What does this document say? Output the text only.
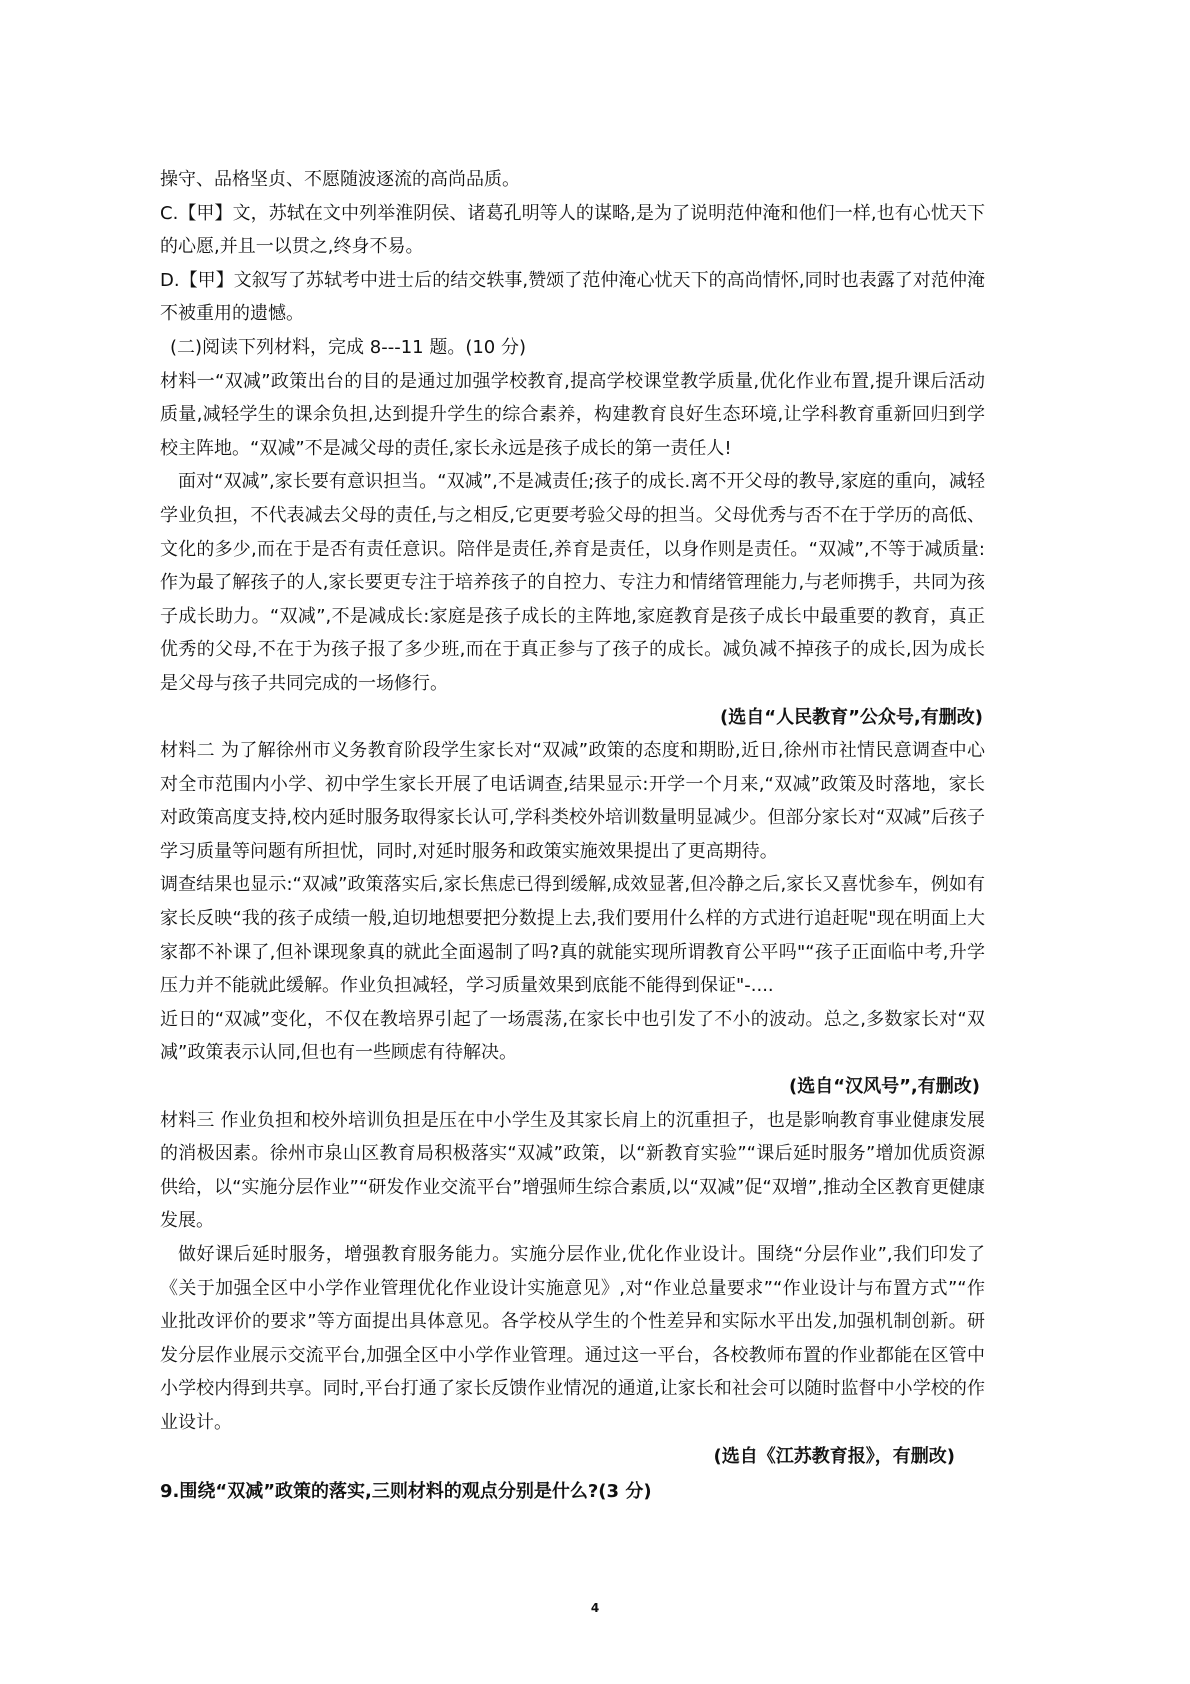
操守、品格坚贞、不愿随波逐流的高尚品质。

C.【甲】文，苏轼在文中列举淮阴侯、诸葛孔明等人的谋略,是为了说明范仲淹和他们一样,也有心忧天下的心愿,并且一以贯之,终身不易。

D.【甲】文叙写了苏轼考中进士后的结交轶事,赞颂了范仲淹心忧天下的高尚情怀,同时也表露了对范仲淹不被重用的遗憾。

(二)阅读下列材料，完成 8---11 题。(10 分)

材料一“双减”政策出台的目的是通过加强学校教育,提高学校课堂教学质量,优化作业布置,提升课后活动质量,减轻学生的课余负担,达到提升学生的综合素养，构建教育良好生态环境,让学科教育重新回归到学校主阵地。“双减”不是减父母的责任,家长永远是孩子成长的第一责任人!

面对“双减”,家长要有意识担当。“双减”,不是减责任;孩子的成长.离不开父母的教导,家庭的重向，减轻学业负担，不代表减去父母的责任,与之相反,它更要考验父母的担当。父母优秀与否不在于学历的高低、文化的多少,而在于是否有责任意识。陪伴是责任,养育是责任，以身作则是责任。“双减”,不等于减质量:作为最了解孩子的人,家长要更专注于培养孩子的自控力、专注力和情绪管理能力,与老师携手，共同为孩子成长助力。“双减”,不是减成长:家庭是孩子成长的主阵地,家庭教育是孩子成长中最重要的教育，真正优秀的父母,不在于为孩子报了多少班,而在于真正参与了孩子的成长。减负减不掉孩子的成长,因为成长是父母与孩子共同完成的一场修行。

(选自“人民教育”公众号,有删改)

材料二 为了解徐州市义务教育阶段学生家长对“双减”政策的态度和期盼,近日,徐州市社情民意调查中心对全市范围内小学、初中学生家长开展了电话调查,结果显示:开学一个月来,“双减”政策及时落地，家长对政策高度支持,校内延时服务取得家长认可,学科类校外培训数量明显减少。但部分家长对“双减”后孩子学习质量等问题有所担忧，同时,对延时服务和政策实施效果提出了更高期待。

调查结果也显示:“双减”政策落实后,家长焦虑已得到缓解,成效显著,但冷静之后,家长又喜忧参车，例如有家长反映“我的孩子成绩一般,迫切地想要把分数提上去,我们要用什么样的方式进行追赶呢"现在明面上大家都不补课了,但补课现象真的就此全面遏制了吗?真的就能实现所谓教育公平吗"“孩子正面临中考,升学压力并不能就此缓解。作业负担减轻，学习质量效果到底能不能得到保证"-....

近日的“双减”变化，不仅在教培界引起了一场震荡,在家长中也引发了不小的波动。总之,多数家长对“双减”政策表示认同,但也有一些顾虑有待解决。

(选自“汉风号”,有删改)

材料三 作业负担和校外培训负担是压在中小学生及其家长肩上的沉重担子，也是影响教育事业健康发展的消极因素。徐州市泉山区教育局积极落实“双减”政策，以“新教育实验”“课后延时服务”增加优质资源供给，以“实施分层作业”“研发作业交流平台”增强师生综合素质,以“双减”促“双增”,推动全区教育更健康发展。

做好课后延时服务，增强教育服务能力。实施分层作业,优化作业设计。围绕“分层作业”,我们印发了《关于加强全区中小学作业管理优化作业设计实施意见》,对“作业总量要求”“作业设计与布置方式”“作业批改评价的要求”等方面提出具体意见。各学校从学生的个性差异和实际水平出发,加强机制创新。研发分层作业展示交流平台,加强全区中小学作业管理。通过这一平台，各校教师布置的作业都能在区管中小学校内得到共享。同时,平台打通了家长反馈作业情况的通道,让家长和社会可以随时监督中小学校的作业设计。

(选自《江苏教育报》，有删改)

9.围绕“双减”政策的落实,三则材料的观点分别是什么?(3 分)

4
